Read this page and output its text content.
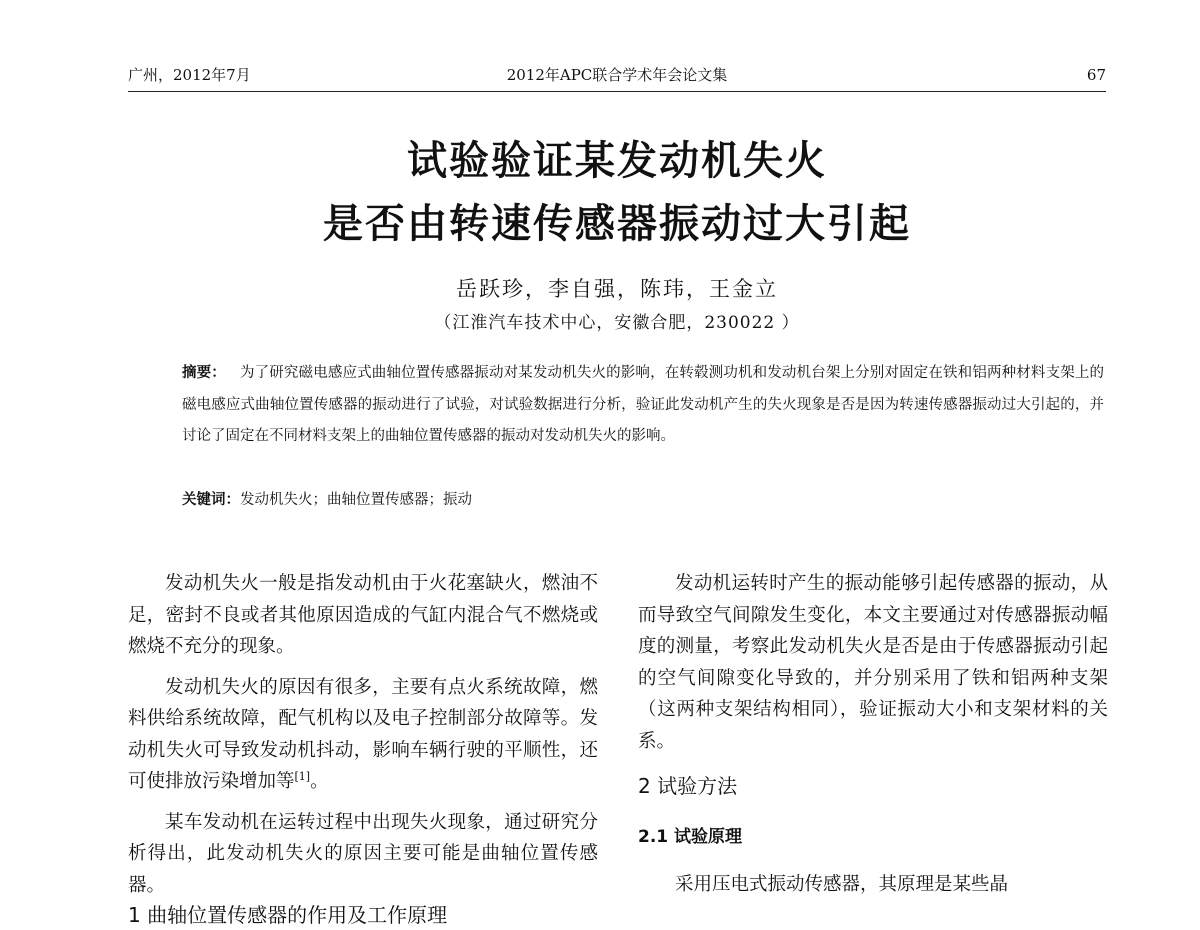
广州，2012年7月	2012年APC联合学术年会论文集	67
试验验证某发动机失火
是否由转速传感器振动过大引起
岳跃珍，李自强，陈玮，王金立
（江淮汽车技术中心，安徽合肥，230022 ）
摘要： 为了研究磁电感应式曲轴位置传感器振动对某发动机失火的影响，在转毂测功机和发动机台架上分别对固定在铁和铝两种材料支架上的磁电感应式曲轴位置传感器的振动进行了试验，对试验数据进行分析，验证此发动机产生的失火现象是否是因为转速传感器振动过大引起的，并讨论了固定在不同材料支架上的曲轴位置传感器的振动对发动机失火的影响。
关键词：发动机失火；曲轴位置传感器；振动

发动机失火一般是指发动机由于火花塞缺火，燃油不足，密封不良或者其他原因造成的气缸内混合气不燃烧或燃烧不充分的现象。

发动机失火的原因有很多，主要有点火系统故障，燃料供给系统故障，配气机构以及电子控制部分故障等。发动机失火可导致发动机抖动，影响车辆行驶的平顺性，还可使排放污染增加等[1]。

某车发动机在运转过程中出现失火现象，通过研究分析得出，此发动机失火的原因主要可能是曲轴位置传感器。

1 曲轴位置传感器的作用及工作原理

发动机运转时产生的振动能够引起传感器的振动，从而导致空气间隙发生变化，本文主要通过对传感器振动幅度的测量，考察此发动机失火是否是由于传感器振动引起的空气间隙变化导致的，并分别采用了铁和铝两种支架（这两种支架结构相同），验证振动大小和支架材料的关系。

2 试验方法
2.1 试验原理

采用压电式振动传感器，其原理是某些晶
